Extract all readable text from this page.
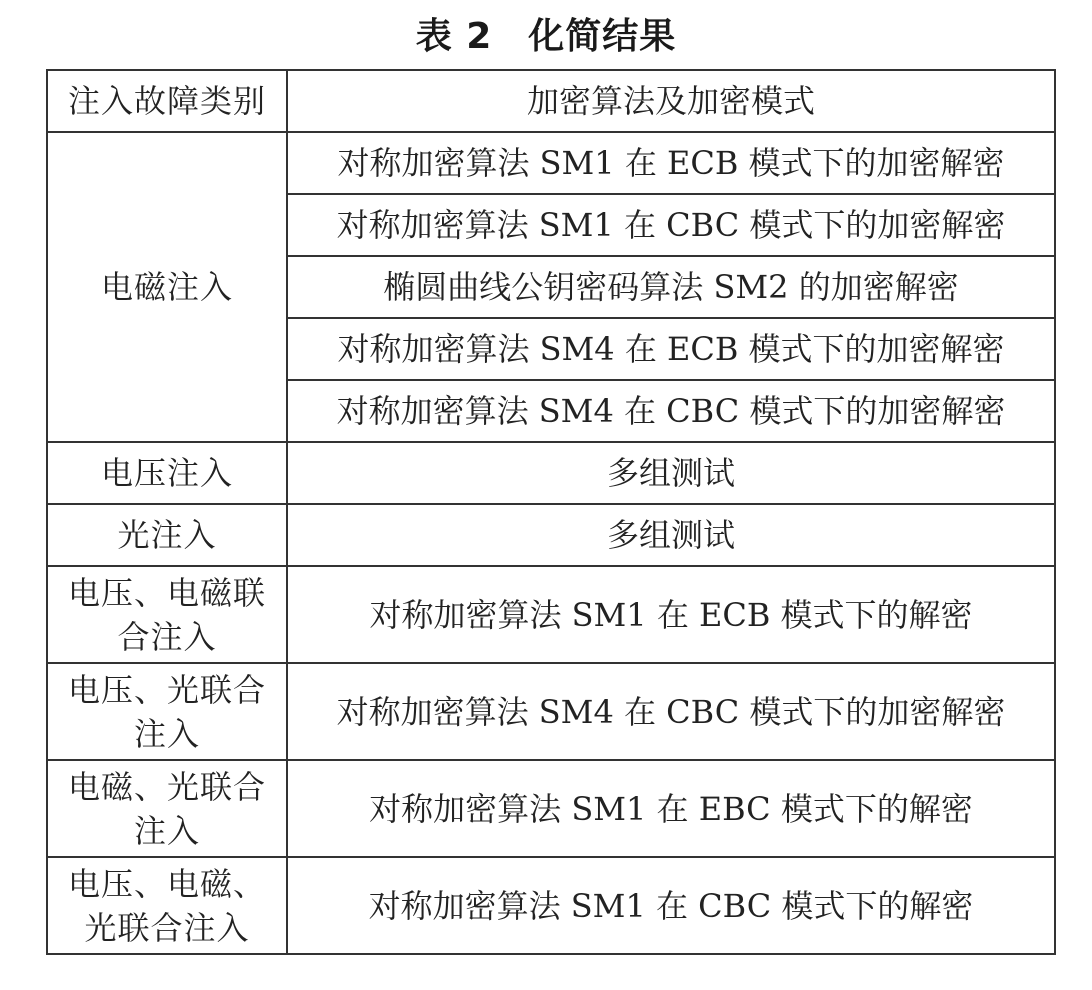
表 2 化简结果
注入故障类别	加密算法及加密模式
电磁注入	对称加密算法 SM1 在 ECB 模式下的加密解密
	对称加密算法 SM1 在 CBC 模式下的加密解密
	椭圆曲线公钥密码算法 SM2 的加密解密
	对称加密算法 SM4 在 ECB 模式下的加密解密
	对称加密算法 SM4 在 CBC 模式下的加密解密
电压注入	多组测试
光注入	多组测试
电压、电磁联合注入	对称加密算法 SM1 在 ECB 模式下的解密
电压、光联合注入	对称加密算法 SM4 在 CBC 模式下的加密解密
电磁、光联合注入	对称加密算法 SM1 在 EBC 模式下的解密
电压、电磁、光联合注入	对称加密算法 SM1 在 CBC 模式下的解密
